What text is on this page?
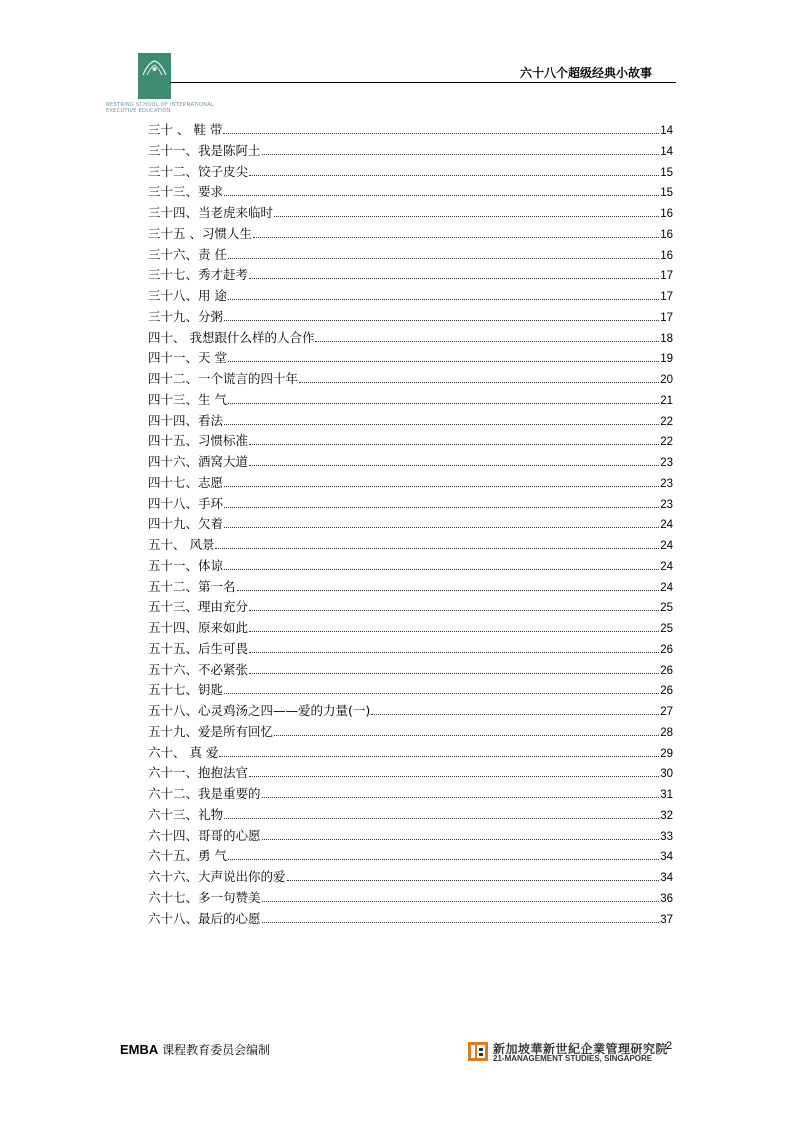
NESTRING SCHOOL OF INTERNATIONAL
EXECUTIVE EDUCATION
六十八个超级经典小故事
三十 、 鞋 带	14
三十一、我是陈阿土	14
三十二、饺子皮尖	15
三十三、要求	15
三十四、当老虎来临时	16
三十五 、习惯人生	16
三十六、责 任	16
三十七、秀才赶考	17
三十八、用 途	17
三十九、分粥	17
四十、 我想跟什么样的人合作	18
四十一、天 堂	19
四十二、一个谎言的四十年	20
四十三、生 气	21
四十四、看法	22
四十五、习惯标准	22
四十六、酒窝大道	23
四十七、志愿	23
四十八、手环	23
四十九、欠着	24
五十、 风景	24
五十一、体谅	24
五十二、第一名	24
五十三、理由充分	25
五十四、原来如此	25
五十五、后生可畏	26
五十六、不必紧张	26
五十七、钥匙	26
五十八、心灵鸡汤之四——爱的力量(一)	27
五十九、爱是所有回忆	28
六十、 真 爱	29
六十一、抱抱法官	30
六十二、我是重要的	31
六十三、礼物	32
六十四、哥哥的心愿	33
六十五、勇 气	34
六十六、大声说出你的爱	34
六十七、多一句赞美	36
六十八、最后的心愿	37
EMBA 课程教育委员会编制	新加坡華新世紀企業管理研究院
21-MANAGEMENT STUDIES, SINGAPORE
2
